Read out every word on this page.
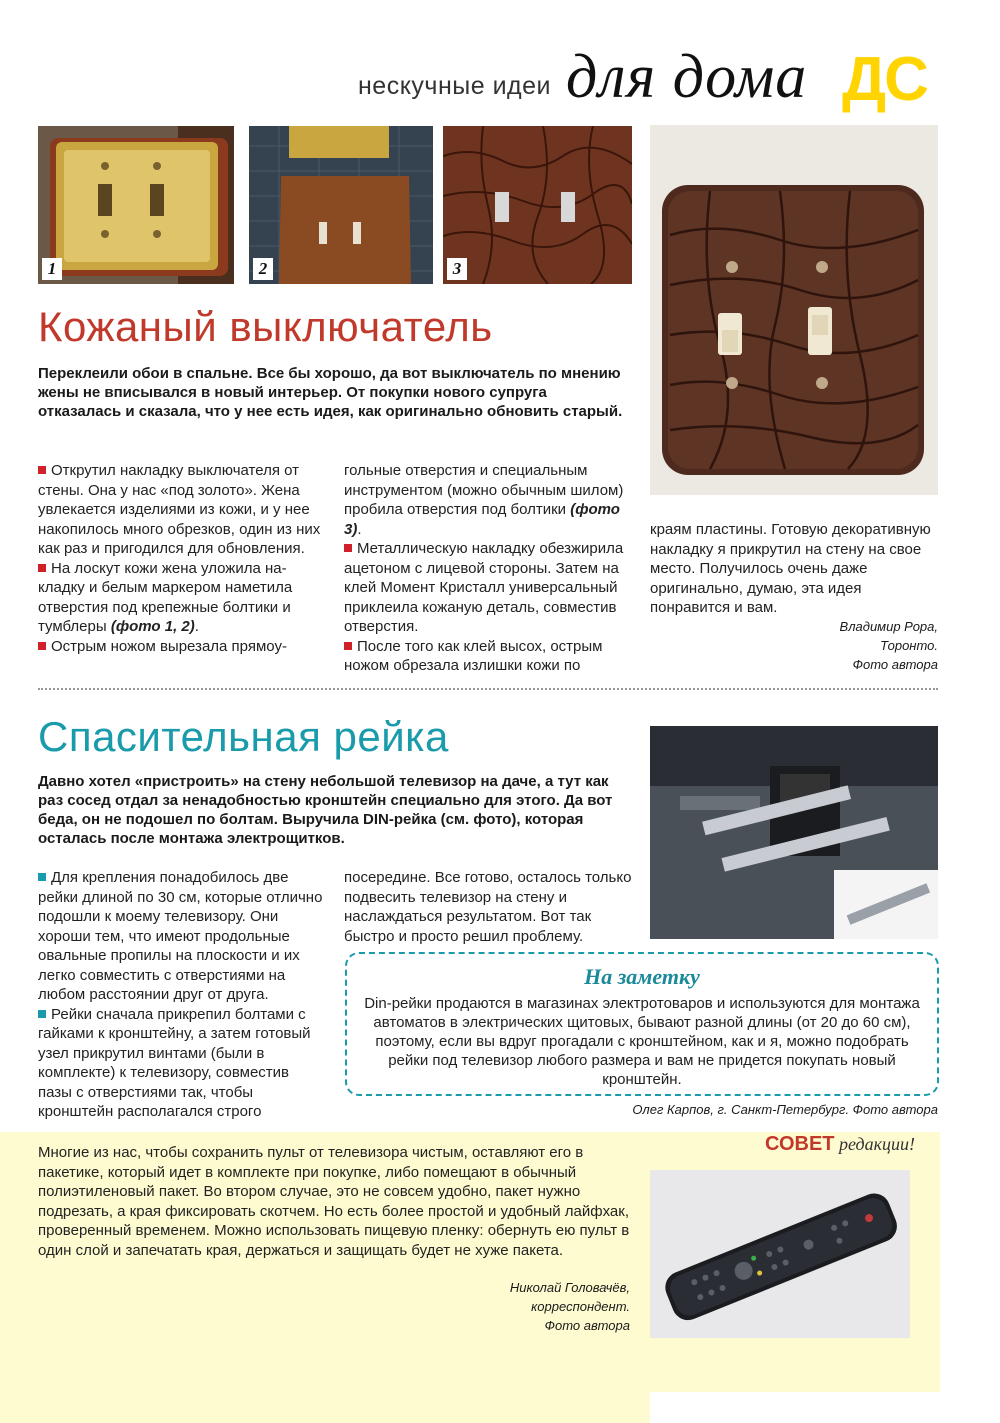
нескучные идеи для дома ДС
1	2	3
Кожаный выключатель
Переклеили обои в спальне. Все бы хорошо, да вот выключатель по мнению жены не вписывался в новый интерьер. От покупки нового супруга отказалась и сказала, что у нее есть идея, как оригинально обновить старый.

Открутил накладку выключателя от стены. Она у нас «под золото». Жена увлекается изделиями из кожи, и у нее накопилось много обрезков, один из них как раз и пригодился для обновления.

На лоскут кожи жена уложила накладку и белым маркером наметила отверстия под крепежные болтики и тумблеры (фото 1, 2).

Острым ножом вырезала прямоу-

гольные отверстия и специальным инструментом (можно обычным шилом) пробила отверстия под болтики (фото 3).

Металлическую накладку обезжирила ацетоном с лицевой стороны. Затем на клей Момент Кристалл универсальный приклеила кожаную деталь, совместив отверстия.

После того как клей высох, острым ножом обрезала излишки кожи по

краям пластины. Готовую декоративную накладку я прикрутил на стену на свое место. Получилось очень даже оригинально, думаю, эта идея понравится и вам.
Владимир Рора,
Торонто.
Фото автора
Спасительная рейка
Давно хотел «пристроить» на стену небольшой телевизор на даче, а тут как раз сосед отдал за ненадобностью кронштейн специально для этого. Да вот беда, он не подошел по болтам. Выручила DIN-рейка (см. фото), которая осталась после монтажа электрощитков.

Для крепления понадобилось две рейки длиной по 30 см, которые отлично подошли к моему телевизору. Они хороши тем, что имеют продольные овальные пропилы на плоскости и их легко совместить с отверстиями на любом расстоянии друг от друга.

Рейки сначала прикрепил болтами с гайками к кронштейну, а затем готовый узел прикрутил винтами (были в комплекте) к телевизору, совместив пазы с отверстиями так, чтобы кронштейн располагался строго

посередине. Все готово, осталось только подвесить телевизор на стену и наслаждаться результатом. Вот так быстро и просто решил проблему.
На заметку
Din-рейки продаются в магазинах электротоваров и используются для монтажа автоматов в электрических щитовых, бывают разной длины (от 20 до 60 см), поэтому, если вы вдруг прогадали с кронштейном, как и я, можно подобрать рейки под телевизор любого размера и вам не придется покупать новый кронштейн.
Олег Карпов, г. Санкт-Петербург. Фото автора
СОВЕТ редакции!
Многие из нас, чтобы сохранить пульт от телевизора чистым, оставляют его в пакетике, который идет в комплекте при покупке, либо помещают в обычный полиэтиленовый пакет. Во втором случае, это не совсем удобно, пакет нужно подрезать, а края фиксировать скотчем. Но есть более простой и удобный лайфхак, проверенный временем. Можно использовать пищевую пленку: обернуть ею пульт в один слой и запечатать края, держаться и защищать будет не хуже пакета.
Николай Головачёв,
корреспондент.
Фото автора
